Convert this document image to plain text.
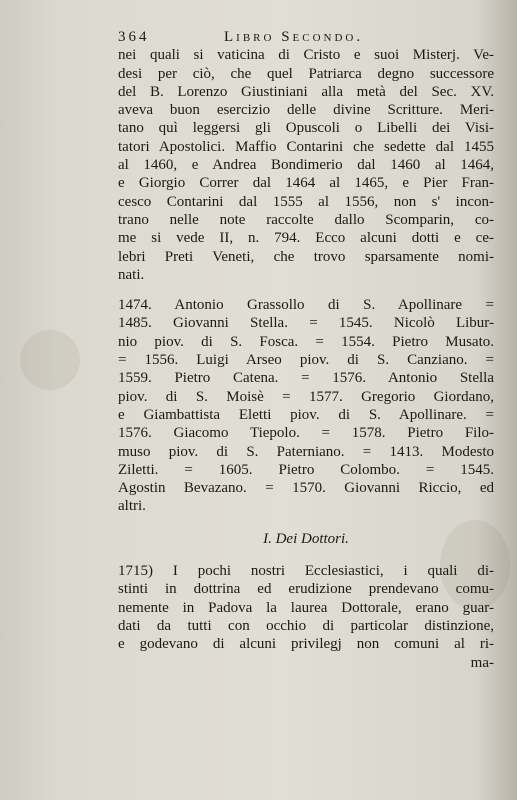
364	Libro Secondo.
nei quali si vaticina di Cristo e suoi Misterj. Ve-
desi per ciò, che quel Patriarca degno successore
del B. Lorenzo Giustiniani alla metà del Sec. XV.
aveva buon esercizio delle divine Scritture. Meri-
tano quì leggersi gli Opuscoli o Libelli dei Visi-
tatori Apostolici. Maffio Contarini che sedette dal 1455
al 1460, e Andrea Bondimerio dal 1460 al 1464,
e Giorgio Correr dal 1464 al 1465, e Pier Fran-
cesco Contarini dal 1555 al 1556, non s' incon-
trano nelle note raccolte dallo Scomparin, co-
me si vede II, n. 794. Ecco alcuni dotti e ce-
lebri Preti Veneti, che trovo sparsamente nomi-
nati.
1474. Antonio Grassollo di S. Apollinare =
1485. Giovanni Stella. = 1545. Nicolò Libur-
nio piov. di S. Fosca. = 1554. Pietro Musato.
= 1556. Luigi Arseo piov. di S. Canziano. =
1559. Pietro Catena. = 1576. Antonio Stella
piov. di S. Moisè = 1577. Gregorio Giordano,
e Giambattista Eletti piov. di S. Apollinare. =
1576. Giacomo Tiepolo. = 1578. Pietro Filo-
muso piov. di S. Paterniano. = 1413. Modesto
Ziletti. = 1605. Pietro Colombo. = 1545.
Agostin Bevazano. = 1570. Giovanni Riccio, ed
altri.
I. Dei Dottori.
1715) I pochi nostri Ecclesiastici, i quali di-
stinti in dottrina ed erudizione prendevano comu-
nemente in Padova la laurea Dottorale, erano guar-
dati da tutti con occhio di particolar distinzione,
e godevano di alcuni privilegj non comuni al ri-
ma-
